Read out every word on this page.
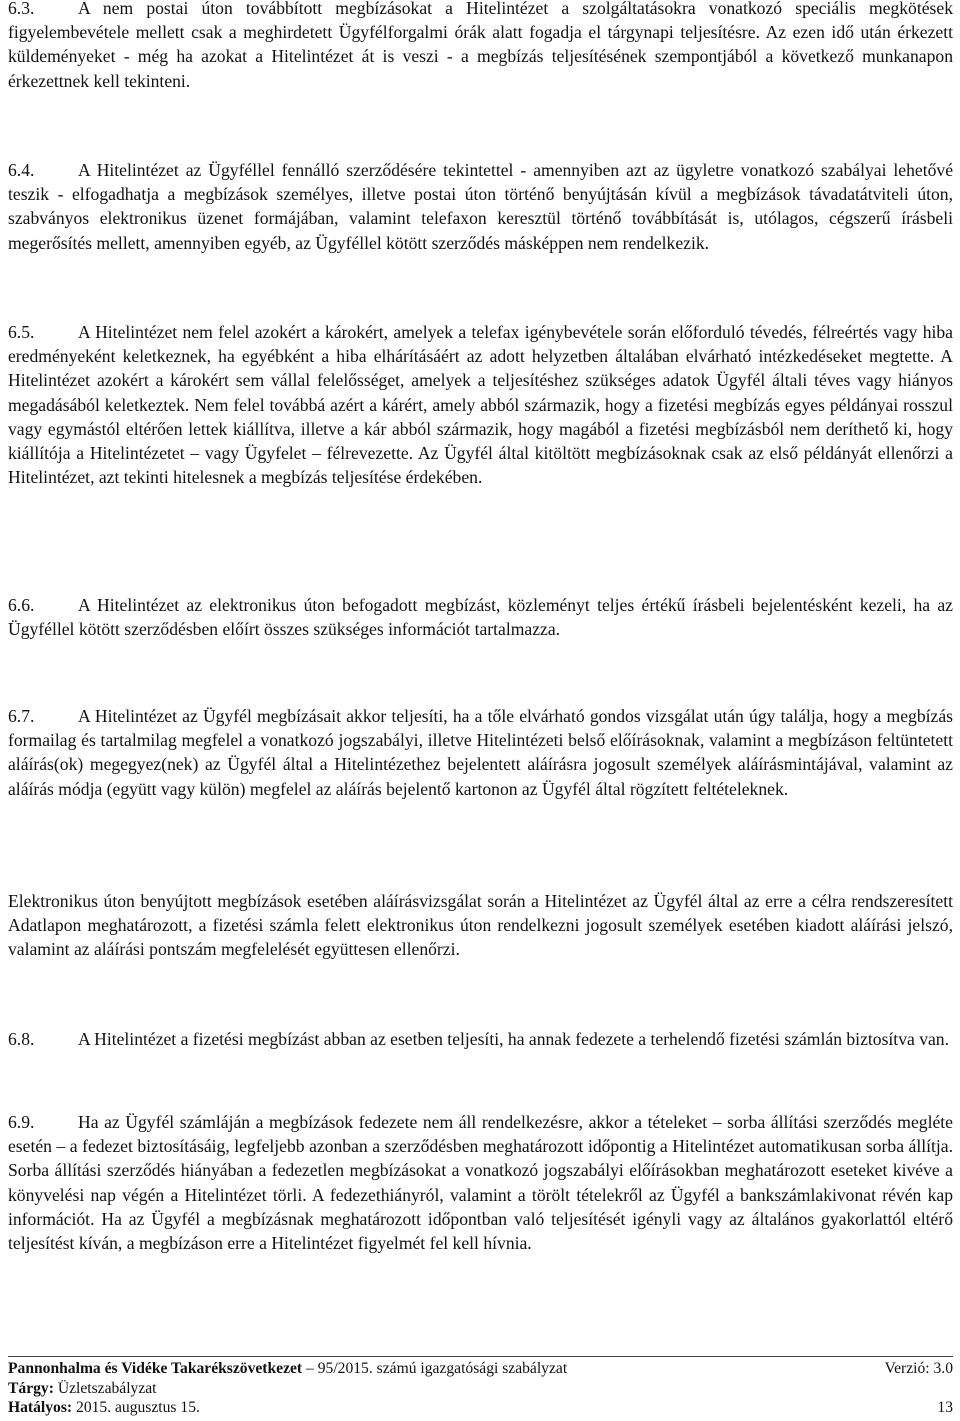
6.3. A nem postai úton továbbított megbízásokat a Hitelintézet a szolgáltatásokra vonatkozó speciális megkötések figyelembevétele mellett csak a meghirdetett Ügyfélforgalmi órák alatt fogadja el tárgynapi teljesítésre. Az ezen idő után érkezett küldeményeket - még ha azokat a Hitelintézet át is veszi - a megbízás teljesítésének szempontjából a következő munkanapon érkezettnek kell tekinteni.

6.4. A Hitelintézet az Ügyféllel fennálló szerződésére tekintettel - amennyiben azt az ügyletre vonatkozó szabályai lehetővé teszik - elfogadhatja a megbízások személyes, illetve postai úton történő benyújtásán kívül a megbízások távadatátviteli úton, szabványos elektronikus üzenet formájában, valamint telefaxon keresztül történő továbbítását is, utólagos, cégszerű írásbeli megerősítés mellett, amennyiben egyéb, az Ügyféllel kötött szerződés másképpen nem rendelkezik.

6.5. A Hitelintézet nem felel azokért a károkért, amelyek a telefax igénybevétele során előforduló tévedés, félreértés vagy hiba eredményeként keletkeznek, ha egyébként a hiba elhárításáért az adott helyzetben általában elvárható intézkedéseket megtette. A Hitelintézet azokért a károkért sem vállal felelősséget, amelyek a teljesítéshez szükséges adatok Ügyfél általi téves vagy hiányos megadásából keletkeztek. Nem felel továbbá azért a kárért, amely abból származik, hogy a fizetési megbízás egyes példányai rosszul vagy egymástól eltérően lettek kiállítva, illetve a kár abból származik, hogy magából a fizetési megbízásból nem deríthető ki, hogy kiállítója a Hitelintézetet – vagy Ügyfelet – félrevezette. Az Ügyfél által kitöltött megbízásoknak csak az első példányát ellenőrzi a Hitelintézet, azt tekinti hitelesnek a megbízás teljesítése érdekében.

6.6. A Hitelintézet az elektronikus úton befogadott megbízást, közleményt teljes értékű írásbeli bejelentésként kezeli, ha az Ügyféllel kötött szerződésben előírt összes szükséges információt tartalmazza.

6.7. A Hitelintézet az Ügyfél megbízásait akkor teljesíti, ha a tőle elvárható gondos vizsgálat után úgy találja, hogy a megbízás formailag és tartalmilag megfelel a vonatkozó jogszabályi, illetve Hitelintézeti belső előírásoknak, valamint a megbízáson feltüntetett aláírás(ok) megegyez(nek) az Ügyfél által a Hitelintézethez bejelentett aláírásra jogosult személyek aláírásmintájával, valamint az aláírás módja (együtt vagy külön) megfelel az aláírás bejelentő kartonon az Ügyfél által rögzített feltételeknek.

Elektronikus úton benyújtott megbízások esetében aláírásvizsgálat során a Hitelintézet az Ügyfél által az erre a célra rendszeresített Adatlapon meghatározott, a fizetési számla felett elektronikus úton rendelkezni jogosult személyek esetében kiadott aláírási jelszó, valamint az aláírási pontszám megfelelését együttesen ellenőrzi.

6.8. A Hitelintézet a fizetési megbízást abban az esetben teljesíti, ha annak fedezete a terhelendő fizetési számlán biztosítva van.

6.9. Ha az Ügyfél számláján a megbízások fedezete nem áll rendelkezésre, akkor a tételeket – sorba állítási szerződés megléte esetén – a fedezet biztosításáig, legfeljebb azonban a szerződésben meghatározott időpontig a Hitelintézet automatikusan sorba állítja. Sorba állítási szerződés hiányában a fedezetlen megbízásokat a vonatkozó jogszabályi előírásokban meghatározott eseteket kivéve a könyvelési nap végén a Hitelintézet törli. A fedezethiányról, valamint a törölt tételekről az Ügyfél a bankszámlakivonat révén kap információt. Ha az Ügyfél a megbízásnak meghatározott időpontban való teljesítését igényli vagy az általános gyakorlattól eltérő teljesítést kíván, a megbízáson erre a Hitelintézet figyelmét fel kell hívnia.

Pannonhalma és Vidéke Takarékszövetkezet – 95/2015. számú igazgatósági szabályzat	Verzió: 3.0
Tárgy: Üzletszabályzat
Hatályos: 2015. augusztus 15.	13
